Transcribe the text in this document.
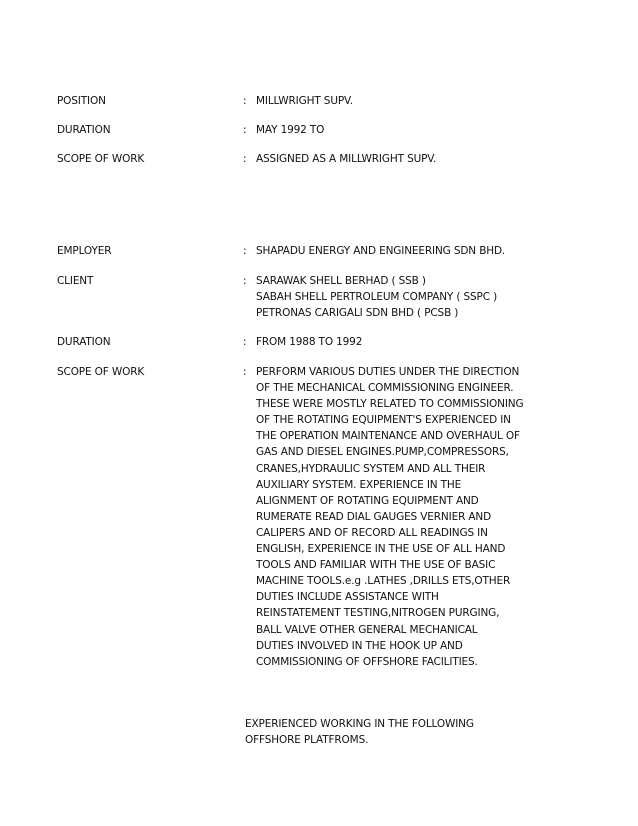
POSITION	: MILLWRIGHT SUPV.
DURATION	: MAY 1992 TO
SCOPE OF WORK	: ASSIGNED AS A MILLWRIGHT SUPV.
EMPLOYER	: SHAPADU ENERGY AND ENGINEERING SDN BHD.
CLIENT	: SARAWAK SHELL BERHAD ( SSB )
SABAH SHELL PERTROLEUM COMPANY ( SSPC )
PETRONAS CARIGALI SDN BHD ( PCSB )
DURATION	: FROM 1988 TO 1992
SCOPE OF WORK	: PERFORM VARIOUS DUTIES UNDER THE DIRECTION
OF THE MECHANICAL COMMISSIONING ENGINEER.
THESE WERE MOSTLY RELATED TO COMMISSIONING
OF THE ROTATING EQUIPMENT'S EXPERIENCED IN
THE OPERATION MAINTENANCE AND OVERHAUL OF
GAS AND DIESEL ENGINES.PUMP,COMPRESSORS,
CRANES,HYDRAULIC SYSTEM AND ALL THEIR
AUXILIARY SYSTEM. EXPERIENCE IN THE
ALIGNMENT OF ROTATING EQUIPMENT AND
RUMERATE READ DIAL GAUGES VERNIER AND
CALIPERS AND OF RECORD ALL READINGS IN
ENGLISH, EXPERIENCE IN THE USE OF ALL HAND
TOOLS AND FAMILIAR WITH THE USE OF BASIC
MACHINE TOOLS.e.g .LATHES ,DRILLS ETS,OTHER
DUTIES INCLUDE ASSISTANCE WITH
REINSTATEMENT TESTING,NITROGEN PURGING,
BALL VALVE OTHER GENERAL MECHANICAL
DUTIES INVOLVED IN THE HOOK UP AND
COMMISSIONING OF OFFSHORE FACILITIES.
EXPERIENCED WORKING IN THE FOLLOWING
OFFSHORE PLATFROMS.
